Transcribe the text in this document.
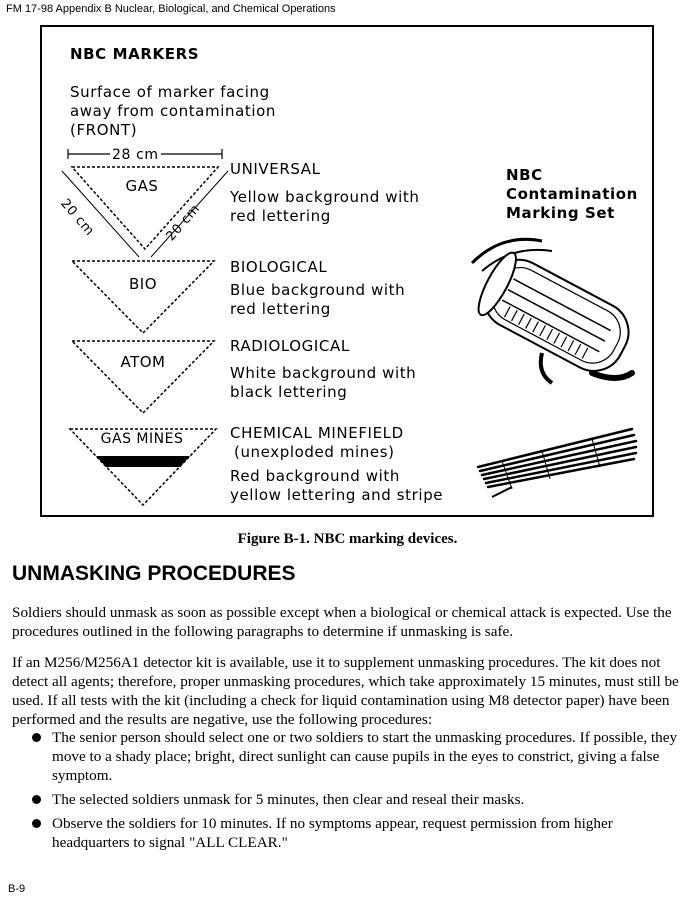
FM 17-98 Appendix B Nuclear, Biological, and Chemical Operations
NBC MARKERS
Surface of marker facing
away from contamination
(FRONT)
28 cm
20 cm	20 cm
GAS
BIO
ATOM
GAS MINES
UNIVERSAL
Yellow background with
red lettering
BIOLOGICAL
Blue background with
red lettering
RADIOLOGICAL
White background with
black lettering
CHEMICAL MINEFIELD
(unexploded mines)
Red background with
yellow lettering and stripe
NBC
Contamination
Marking Set
Figure B-1. NBC marking devices.
UNMASKING PROCEDURES

Soldiers should unmask as soon as possible except when a biological or chemical attack is expected. Use the procedures outlined in the following paragraphs to determine if unmasking is safe.

If an M256/M256A1 detector kit is available, use it to supplement unmasking procedures. The kit does not detect all agents; therefore, proper unmasking procedures, which take approximately 15 minutes, must still be used. If all tests with the kit (including a check for liquid contamination using M8 detector paper) have been performed and the results are negative, use the following procedures:

The senior person should select one or two soldiers to start the unmasking procedures. If possible, they move to a shady place; bright, direct sunlight can cause pupils in the eyes to constrict, giving a false symptom.
The selected soldiers unmask for 5 minutes, then clear and reseal their masks.
Observe the soldiers for 10 minutes. If no symptoms appear, request permission from higher headquarters to signal "ALL CLEAR."
B-9
